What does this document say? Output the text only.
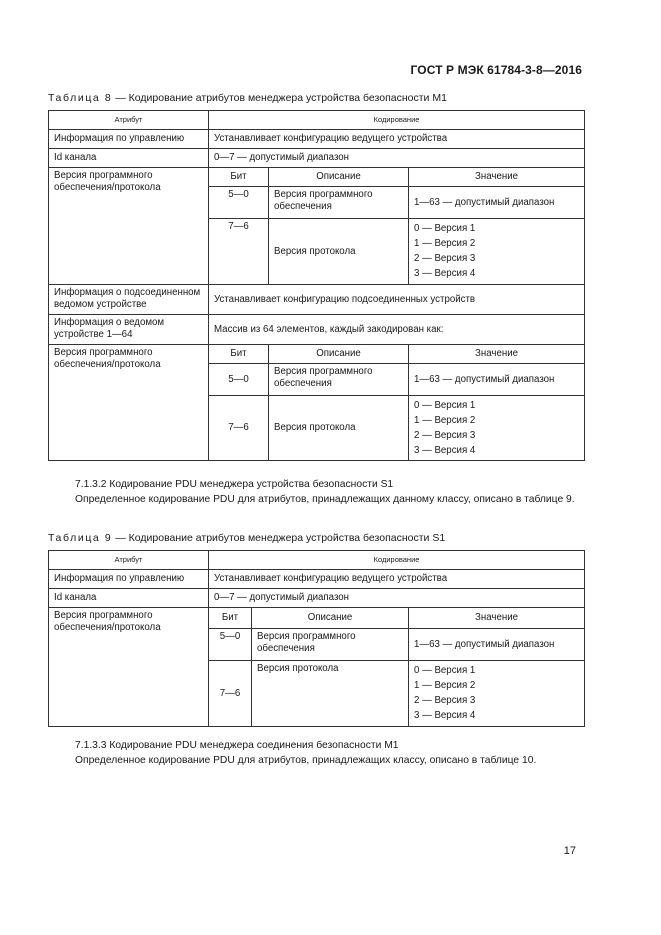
ГОСТ Р МЭК 61784-3-8—2016
Таблица 8 — Кодирование атрибутов менеджера устройства безопасности M1
Атрибут	Кодирование		
Информация по управлению	Устанавливает конфигурацию ведущего устройства		
Id канала	0—7 — допустимый диапазон		
Версия программного обеспечения/протокола	Бит	Описание	Значение
	5—0	Версия программного обеспечения	1—63 — допустимый диапазон
	7—6	Версия протокола	0 — Версия 1
1 — Версия 2
2 — Версия 3
3 — Версия 4

Информация о подсоединенном ведомом устройстве	Устанавливает конфигурацию подсоединенных устройств		
Информация о ведомом устройстве 1—64	Массив из 64 элементов, каждый закодирован как:		
Версия программного обеспечения/протокола	Бит	Описание	Значение
	5—0	Версия программного обеспечения	1—63 — допустимый диапазон
	7—6	Версия протокола	0 — Версия 1
1 — Версия 2
2 — Версия 3
3 — Версия 4

7.1.3.2 Кодирование PDU менеджера устройства безопасности S1

Определенное кодирование PDU для атрибутов, принадлежащих данному классу, описано в таблице 9.

Таблица 9 — Кодирование атрибутов менеджера устройства безопасности S1
Атрибут	Кодирование		
Информация по управлению	Устанавливает конфигурацию ведущего устройства		
Id канала	0—7 — допустимый диапазон		
Версия программного обеспечения/протокола	Бит	Описание	Значение
	5—0	Версия программного обеспечения	1—63 — допустимый диапазон
	7—6	Версия протокола	0 — Версия 1
1 — Версия 2
2 — Версия 3
3 — Версия 4

7.1.3.3 Кодирование PDU менеджера соединения безопасности M1

Определенное кодирование PDU для атрибутов, принадлежащих классу, описано в таблице 10.

17
